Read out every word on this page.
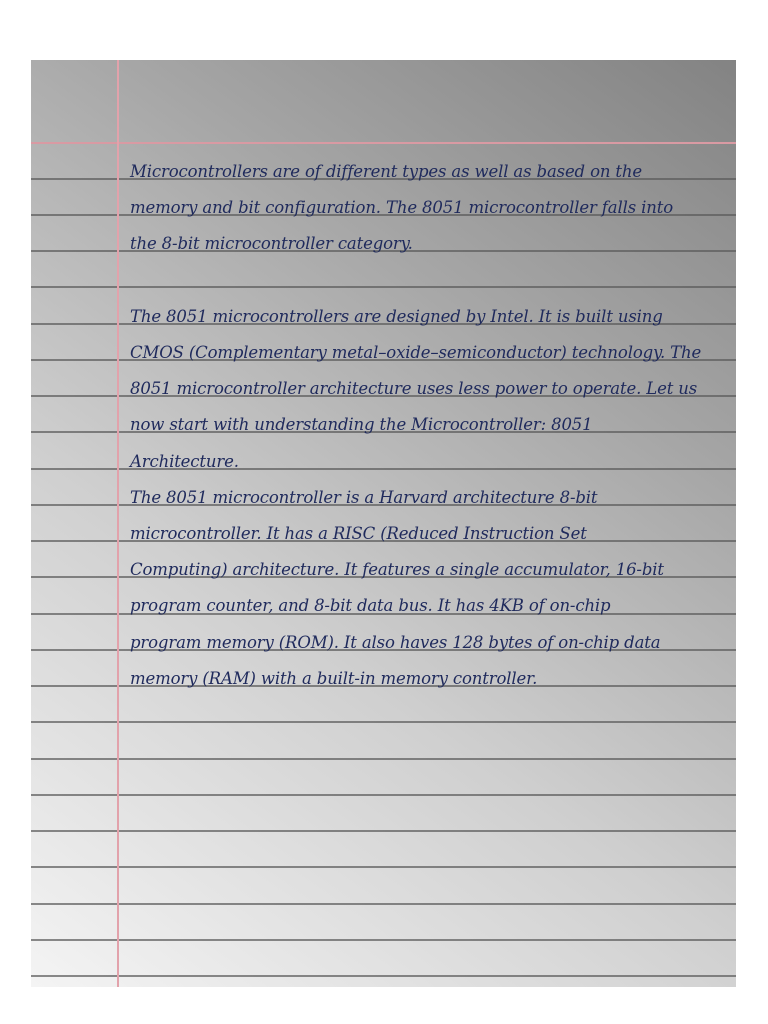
Microcontrollers are of different types as well as based on the

memory and bit configuration. The 8051 microcontroller falls into

the 8-bit microcontroller category.

The 8051 microcontrollers are designed by Intel. It is built using

CMOS (Complementary metal–oxide–semiconductor) technology. The

8051 microcontroller architecture uses less power to operate. Let us

now start with understanding the Microcontroller: 8051

Architecture.

The 8051 microcontroller is a Harvard architecture 8-bit

microcontroller. It has a RISC (Reduced Instruction Set

Computing) architecture. It features a single accumulator, 16-bit

program counter, and 8-bit data bus. It has 4KB of on-chip

program memory (ROM). It also haves 128 bytes of on-chip data

memory (RAM) with a built-in memory controller.
